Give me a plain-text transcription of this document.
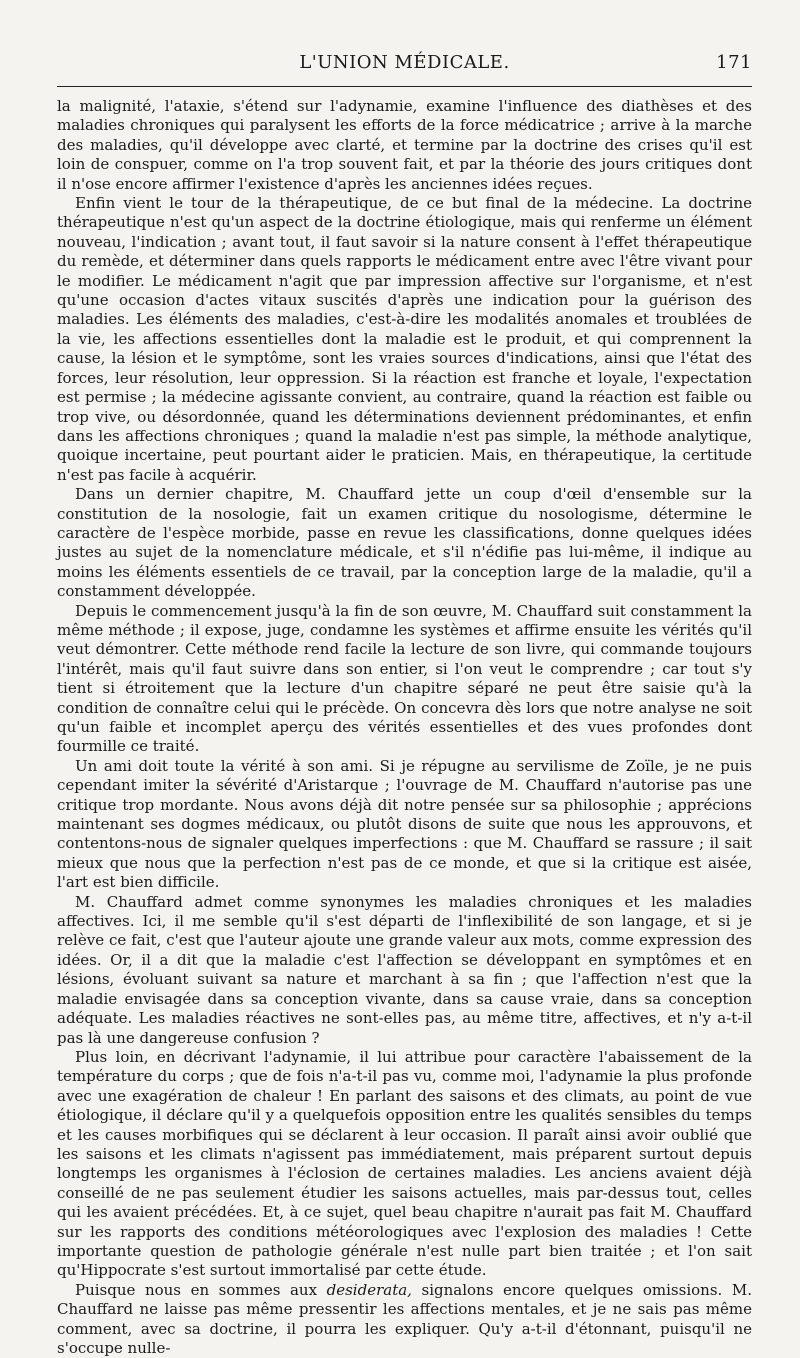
L'UNION MÉDICALE.	171

la malignité, l'ataxie, s'étend sur l'adynamie, examine l'influence des diathèses et des maladies chroniques qui paralysent les efforts de la force médicatrice ; arrive à la marche des maladies, qu'il développe avec clarté, et termine par la doctrine des crises qu'il est loin de conspuer, comme on l'a trop souvent fait, et par la théorie des jours critiques dont il n'ose encore affirmer l'existence d'après les anciennes idées reçues.

Enfin vient le tour de la thérapeutique, de ce but final de la médecine. La doctrine thérapeutique n'est qu'un aspect de la doctrine étiologique, mais qui renferme un élément nouveau, l'indication ; avant tout, il faut savoir si la nature consent à l'effet thérapeutique du remède, et déterminer dans quels rapports le médicament entre avec l'être vivant pour le modifier. Le médicament n'agit que par impression affective sur l'organisme, et n'est qu'une occasion d'actes vitaux suscités d'après une indication pour la guérison des maladies. Les éléments des maladies, c'est-à-dire les modalités anomales et troublées de la vie, les affections essentielles dont la maladie est le produit, et qui comprennent la cause, la lésion et le symptôme, sont les vraies sources d'indications, ainsi que l'état des forces, leur résolution, leur oppression. Si la réaction est franche et loyale, l'expectation est permise ; la médecine agissante convient, au contraire, quand la réaction est faible ou trop vive, ou désordonnée, quand les déterminations deviennent prédominantes, et enfin dans les affections chroniques ; quand la maladie n'est pas simple, la méthode analytique, quoique incertaine, peut pourtant aider le praticien. Mais, en thérapeutique, la certitude n'est pas facile à acquérir.

Dans un dernier chapitre, M. Chauffard jette un coup d'œil d'ensemble sur la constitution de la nosologie, fait un examen critique du nosologisme, détermine le caractère de l'espèce morbide, passe en revue les classifications, donne quelques idées justes au sujet de la nomenclature médicale, et s'il n'édifie pas lui-même, il indique au moins les éléments essentiels de ce travail, par la conception large de la maladie, qu'il a constamment développée.

Depuis le commencement jusqu'à la fin de son œuvre, M. Chauffard suit constamment la même méthode ; il expose, juge, condamne les systèmes et affirme ensuite les vérités qu'il veut démontrer. Cette méthode rend facile la lecture de son livre, qui commande toujours l'intérêt, mais qu'il faut suivre dans son entier, si l'on veut le comprendre ; car tout s'y tient si étroitement que la lecture d'un chapitre séparé ne peut être saisie qu'à la condition de connaître celui qui le précède. On concevra dès lors que notre analyse ne soit qu'un faible et incomplet aperçu des vérités essentielles et des vues profondes dont fourmille ce traité.

Un ami doit toute la vérité à son ami. Si je répugne au servilisme de Zoïle, je ne puis cependant imiter la sévérité d'Aristarque ; l'ouvrage de M. Chauffard n'autorise pas une critique trop mordante. Nous avons déjà dit notre pensée sur sa philosophie ; apprécions maintenant ses dogmes médicaux, ou plutôt disons de suite que nous les approuvons, et contentons-nous de signaler quelques imperfections : que M. Chauffard se rassure ; il sait mieux que nous que la perfection n'est pas de ce monde, et que si la critique est aisée, l'art est bien difficile.

M. Chauffard admet comme synonymes les maladies chroniques et les maladies affectives. Ici, il me semble qu'il s'est départi de l'inflexibilité de son langage, et si je relève ce fait, c'est que l'auteur ajoute une grande valeur aux mots, comme expression des idées. Or, il a dit que la maladie c'est l'affection se développant en symptômes et en lésions, évoluant suivant sa nature et marchant à sa fin ; que l'affection n'est que la maladie envisagée dans sa conception vivante, dans sa cause vraie, dans sa conception adéquate. Les maladies réactives ne sont-elles pas, au même titre, affectives, et n'y a-t-il pas là une dangereuse confusion ?

Plus loin, en décrivant l'adynamie, il lui attribue pour caractère l'abaissement de la température du corps ; que de fois n'a-t-il pas vu, comme moi, l'adynamie la plus profonde avec une exagération de chaleur ! En parlant des saisons et des climats, au point de vue étiologique, il déclare qu'il y a quelquefois opposition entre les qualités sensibles du temps et les causes morbifiques qui se déclarent à leur occasion. Il paraît ainsi avoir oublié que les saisons et les climats n'agissent pas immédiatement, mais préparent surtout depuis longtemps les organismes à l'éclosion de certaines maladies. Les anciens avaient déjà conseillé de ne pas seulement étudier les saisons actuelles, mais par-dessus tout, celles qui les avaient précédées. Et, à ce sujet, quel beau chapitre n'aurait pas fait M. Chauffard sur les rapports des conditions météorologiques avec l'explosion des maladies ! Cette importante question de pathologie générale n'est nulle part bien traitée ; et l'on sait qu'Hippocrate s'est surtout immortalisé par cette étude.

Puisque nous en sommes aux desiderata, signalons encore quelques omissions. M. Chauffard ne laisse pas même pressentir les affections mentales, et je ne sais pas même comment, avec sa doctrine, il pourra les expliquer. Qu'y a-t-il d'étonnant, puisqu'il ne s'occupe nulle-
